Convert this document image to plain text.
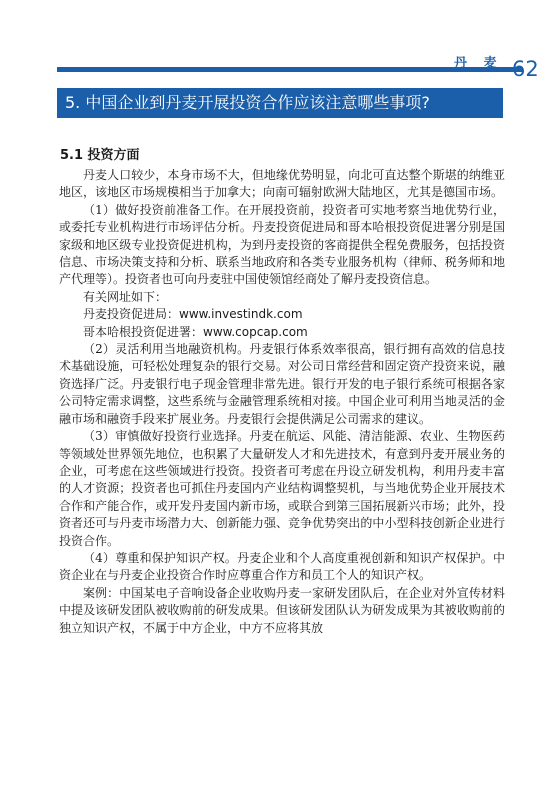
丹 麦 62
5. 中国企业到丹麦开展投资合作应该注意哪些事项?
5.1 投资方面

丹麦人口较少，本身市场不大，但地缘优势明显，向北可直达整个斯堪的纳维亚地区，该地区市场规模相当于加拿大；向南可辐射欧洲大陆地区，尤其是德国市场。

（1）做好投资前准备工作。在开展投资前，投资者可实地考察当地优势行业，或委托专业机构进行市场评估分析。丹麦投资促进局和哥本哈根投资促进署分别是国家级和地区级专业投资促进机构，为到丹麦投资的客商提供全程免费服务，包括投资信息、市场决策支持和分析、联系当地政府和各类专业服务机构（律师、税务师和地产代理等）。投资者也可向丹麦驻中国使领馆经商处了解丹麦投资信息。

有关网址如下：

丹麦投资促进局：www.investindk.com

哥本哈根投资促进署：www.copcap.com

（2）灵活利用当地融资机构。丹麦银行体系效率很高，银行拥有高效的信息技术基础设施，可轻松处理复杂的银行交易。对公司日常经营和固定资产投资来说，融资选择广泛。丹麦银行电子现金管理非常先进。银行开发的电子银行系统可根据各家公司特定需求调整，这些系统与金融管理系统相对接。中国企业可利用当地灵活的金融市场和融资手段来扩展业务。丹麦银行会提供满足公司需求的建议。

（3）审慎做好投资行业选择。丹麦在航运、风能、清洁能源、农业、生物医药等领域处世界领先地位，也积累了大量研发人才和先进技术，有意到丹麦开展业务的企业，可考虑在这些领域进行投资。投资者可考虑在丹设立研发机构，利用丹麦丰富的人才资源；投资者也可抓住丹麦国内产业结构调整契机，与当地优势企业开展技术合作和产能合作，或开发丹麦国内新市场，或联合到第三国拓展新兴市场；此外，投资者还可与丹麦市场潜力大、创新能力强、竞争优势突出的中小型科技创新企业进行投资合作。

（4）尊重和保护知识产权。丹麦企业和个人高度重视创新和知识产权保护。中资企业在与丹麦企业投资合作时应尊重合作方和员工个人的知识产权。

案例：中国某电子音响设备企业收购丹麦一家研发团队后，在企业对外宣传材料中提及该研发团队被收购前的研发成果。但该研发团队认为研发成果为其被收购前的独立知识产权，不属于中方企业，中方不应将其放
